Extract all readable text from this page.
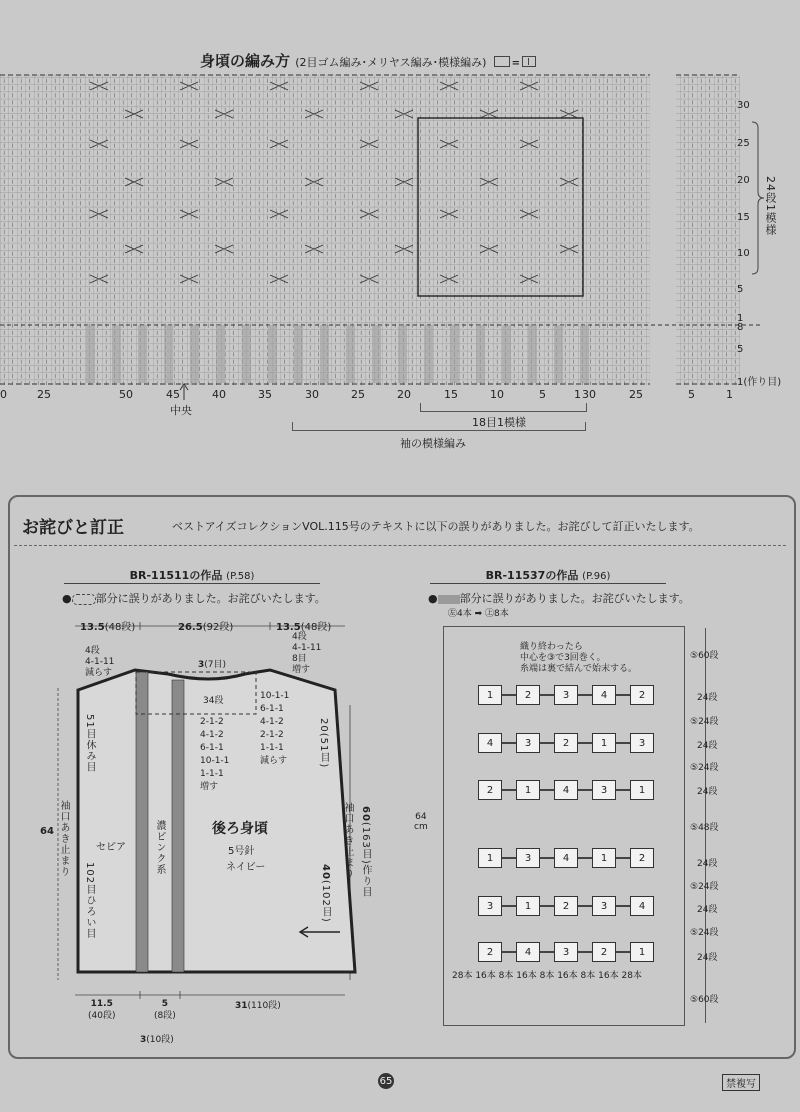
身頃の編み方 (2目ゴム編み･メリヤス編み･模様編み)	=
0	25	50	45	40	35	30	25	20	15	10	5	1 30	25	5	1
30
25
20
15
10
5
1
8
5
1(作り目)
24段1模様
中央
18目1模様
袖の模様編み
お詫びと訂正	ベストアイズコレクションVOL.115号のテキストに以下の誤りがありました。お詫びして訂正いたします。
BR-11511の作品 (P.58)
● 部分に誤りがありました。お詫びいたします。
13.5(48段)	26.5(92段)	13.5(48段)
4段
4-1-11
減らす
3(7目)
34段
4段
4-1-11
8目
増す
2-1-2
4-1-2
6-1-1
10-1-1
1-1-1
増す
10-1-1
6-1-1
4-1-2
2-1-2
1-1-1
減らす
51目休み目
20(51目)
袖口あき止まり	袖口あき止まり
64
セピア
102目ひろい目
濃ピンク系	後ろ身頃
5号針
ネイビー
60(163目)作り目
40(102目)
11.5
(40段)
5
(8段)
31(110段)
3(10段)
BR-11537の作品 (P.96)
● 部分に誤りがありました。お詫びいたします。
㊧4本 ➡ ㊤8本
織り終わったら
中心を③で3回巻く。
糸端は裏で結んで始末する。
64
cm
1	2	3	4	2
4	3	2	1	3
2	1	4	3	1
1	3	4	1	2
3	1	2	3	4
2	4	3	2	1
28本 16本 8本 16本 8本 16本 8本 16本 28本
⑤60段
24段
⑤24段
24段
⑤24段
24段
⑤48段
24段
⑤24段
24段
⑤24段
24段
⑤60段
65	禁複写
